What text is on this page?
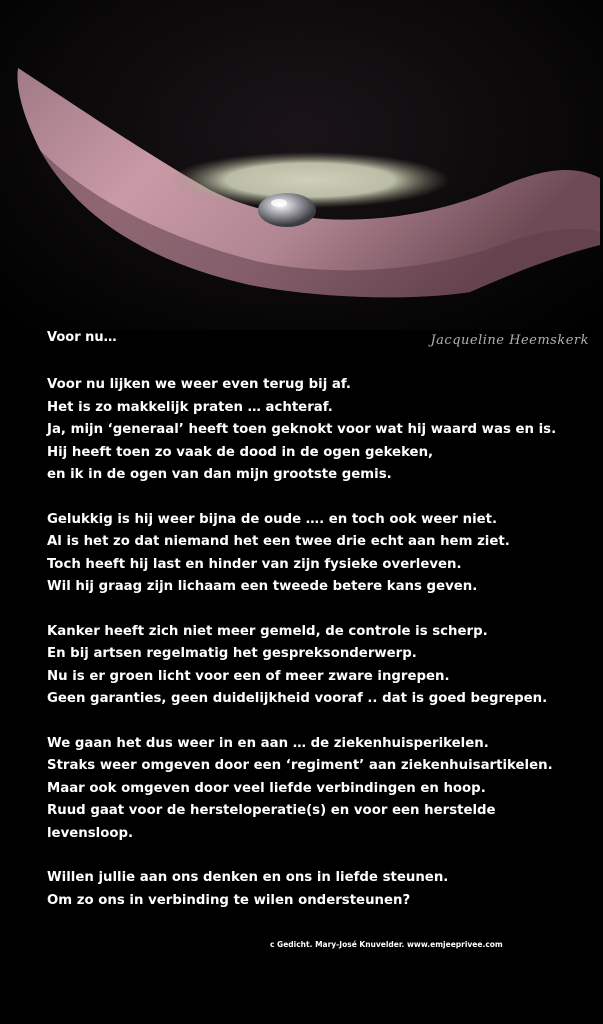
Jacqueline Heemskerk
Voor nu…
Voor nu lijken we weer even terug bij af.
Het is zo makkelijk praten … achteraf.
Ja, mijn ‘generaal’ heeft toen geknokt voor wat hij waard was en is.
Hij heeft toen zo vaak de dood in de ogen gekeken,
en ik in de ogen van dan mijn grootste gemis.
Gelukkig is hij weer bijna de oude …. en toch ook weer niet.
Al is het zo dat niemand het een twee drie echt aan hem ziet.
Toch heeft hij last en hinder van zijn fysieke overleven.
Wil hij graag zijn lichaam een tweede betere kans geven.
Kanker heeft zich niet meer gemeld, de controle is scherp.
En bij artsen regelmatig het gespreksonderwerp.
Nu is er groen licht voor een of meer zware ingrepen.
Geen garanties, geen duidelijkheid vooraf .. dat is goed begrepen.
We gaan het dus weer in en aan … de ziekenhuisperikelen.
Straks weer omgeven door een ‘regiment’ aan ziekenhuisartikelen.
Maar ook omgeven door veel liefde verbindingen en hoop.
Ruud gaat voor de hersteloperatie(s) en voor een herstelde
levensloop.
Willen jullie aan ons denken en ons in liefde steunen.
Om zo ons in verbinding te wilen ondersteunen?
c Gedicht. Mary-José Knuvelder. www.emjeeprivee.com
